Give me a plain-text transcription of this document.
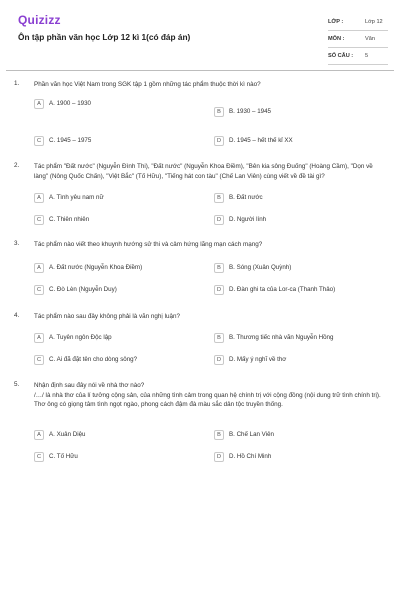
Quizizz
Ôn tập phần văn học Lớp 12 kì 1(có đáp án)
LỚP :	Lớp 12
MÔN :	Văn
SỐ CÂU :	5
1. Phần văn học Việt Nam trong SGK tập 1 gồm những tác phẩm thuộc thời kì nào?
A	A. 1900 – 1930
B	B. 1930 – 1945
C	C. 1945 – 1975	D	D. 1945 – hết thế kỉ XX
2. Tác phẩm "Đất nước" (Nguyễn Đình Thi), "Đất nước" (Nguyễn Khoa Điềm), "Bên kia sông Đuống" (Hoàng Cầm), "Dọn về làng" (Nông Quốc Chấn), "Việt Bắc" (Tố Hữu), "Tiếng hát con tàu" (Chế Lan Viên) cùng viết về đề tài gì?
A	A. Tình yêu nam nữ	B	B. Đất nước
C	C. Thiên nhiên	D	D. Người lính
3. Tác phẩm nào viết theo khuynh hướng sử thi và cảm hứng lãng mạn cách mạng?
A	A. Đất nước (Nguyễn Khoa Điềm)	B	B. Sóng (Xuân Quỳnh)
C	C. Đò Lèn (Nguyễn Duy)	D	D. Đàn ghi ta của Lor-ca (Thanh Thảo)
4. Tác phẩm nào sau đây không phải là văn nghị luận?
A	A. Tuyên ngôn Độc lập	B	B. Thương tiếc nhà văn Nguyễn Hồng
C	C. Ai đã đặt tên cho dòng sông?	D	D. Mấy ý nghĩ về thơ
5. Nhận định sau đây nói về nhà thơ nào?
/…/ là nhà thơ của lí tưởng cộng sản, của những tình cảm trong quan hệ chính trị với cộng đồng (nội dung trữ tình chính trị). Thơ ông có giọng tâm tình ngọt ngào, phong cách đậm đà màu sắc dân tộc truyền thống.
A	A. Xuân Diệu	B	B. Chế Lan Viên
C	C. Tố Hữu	D	D. Hồ Chí Minh
